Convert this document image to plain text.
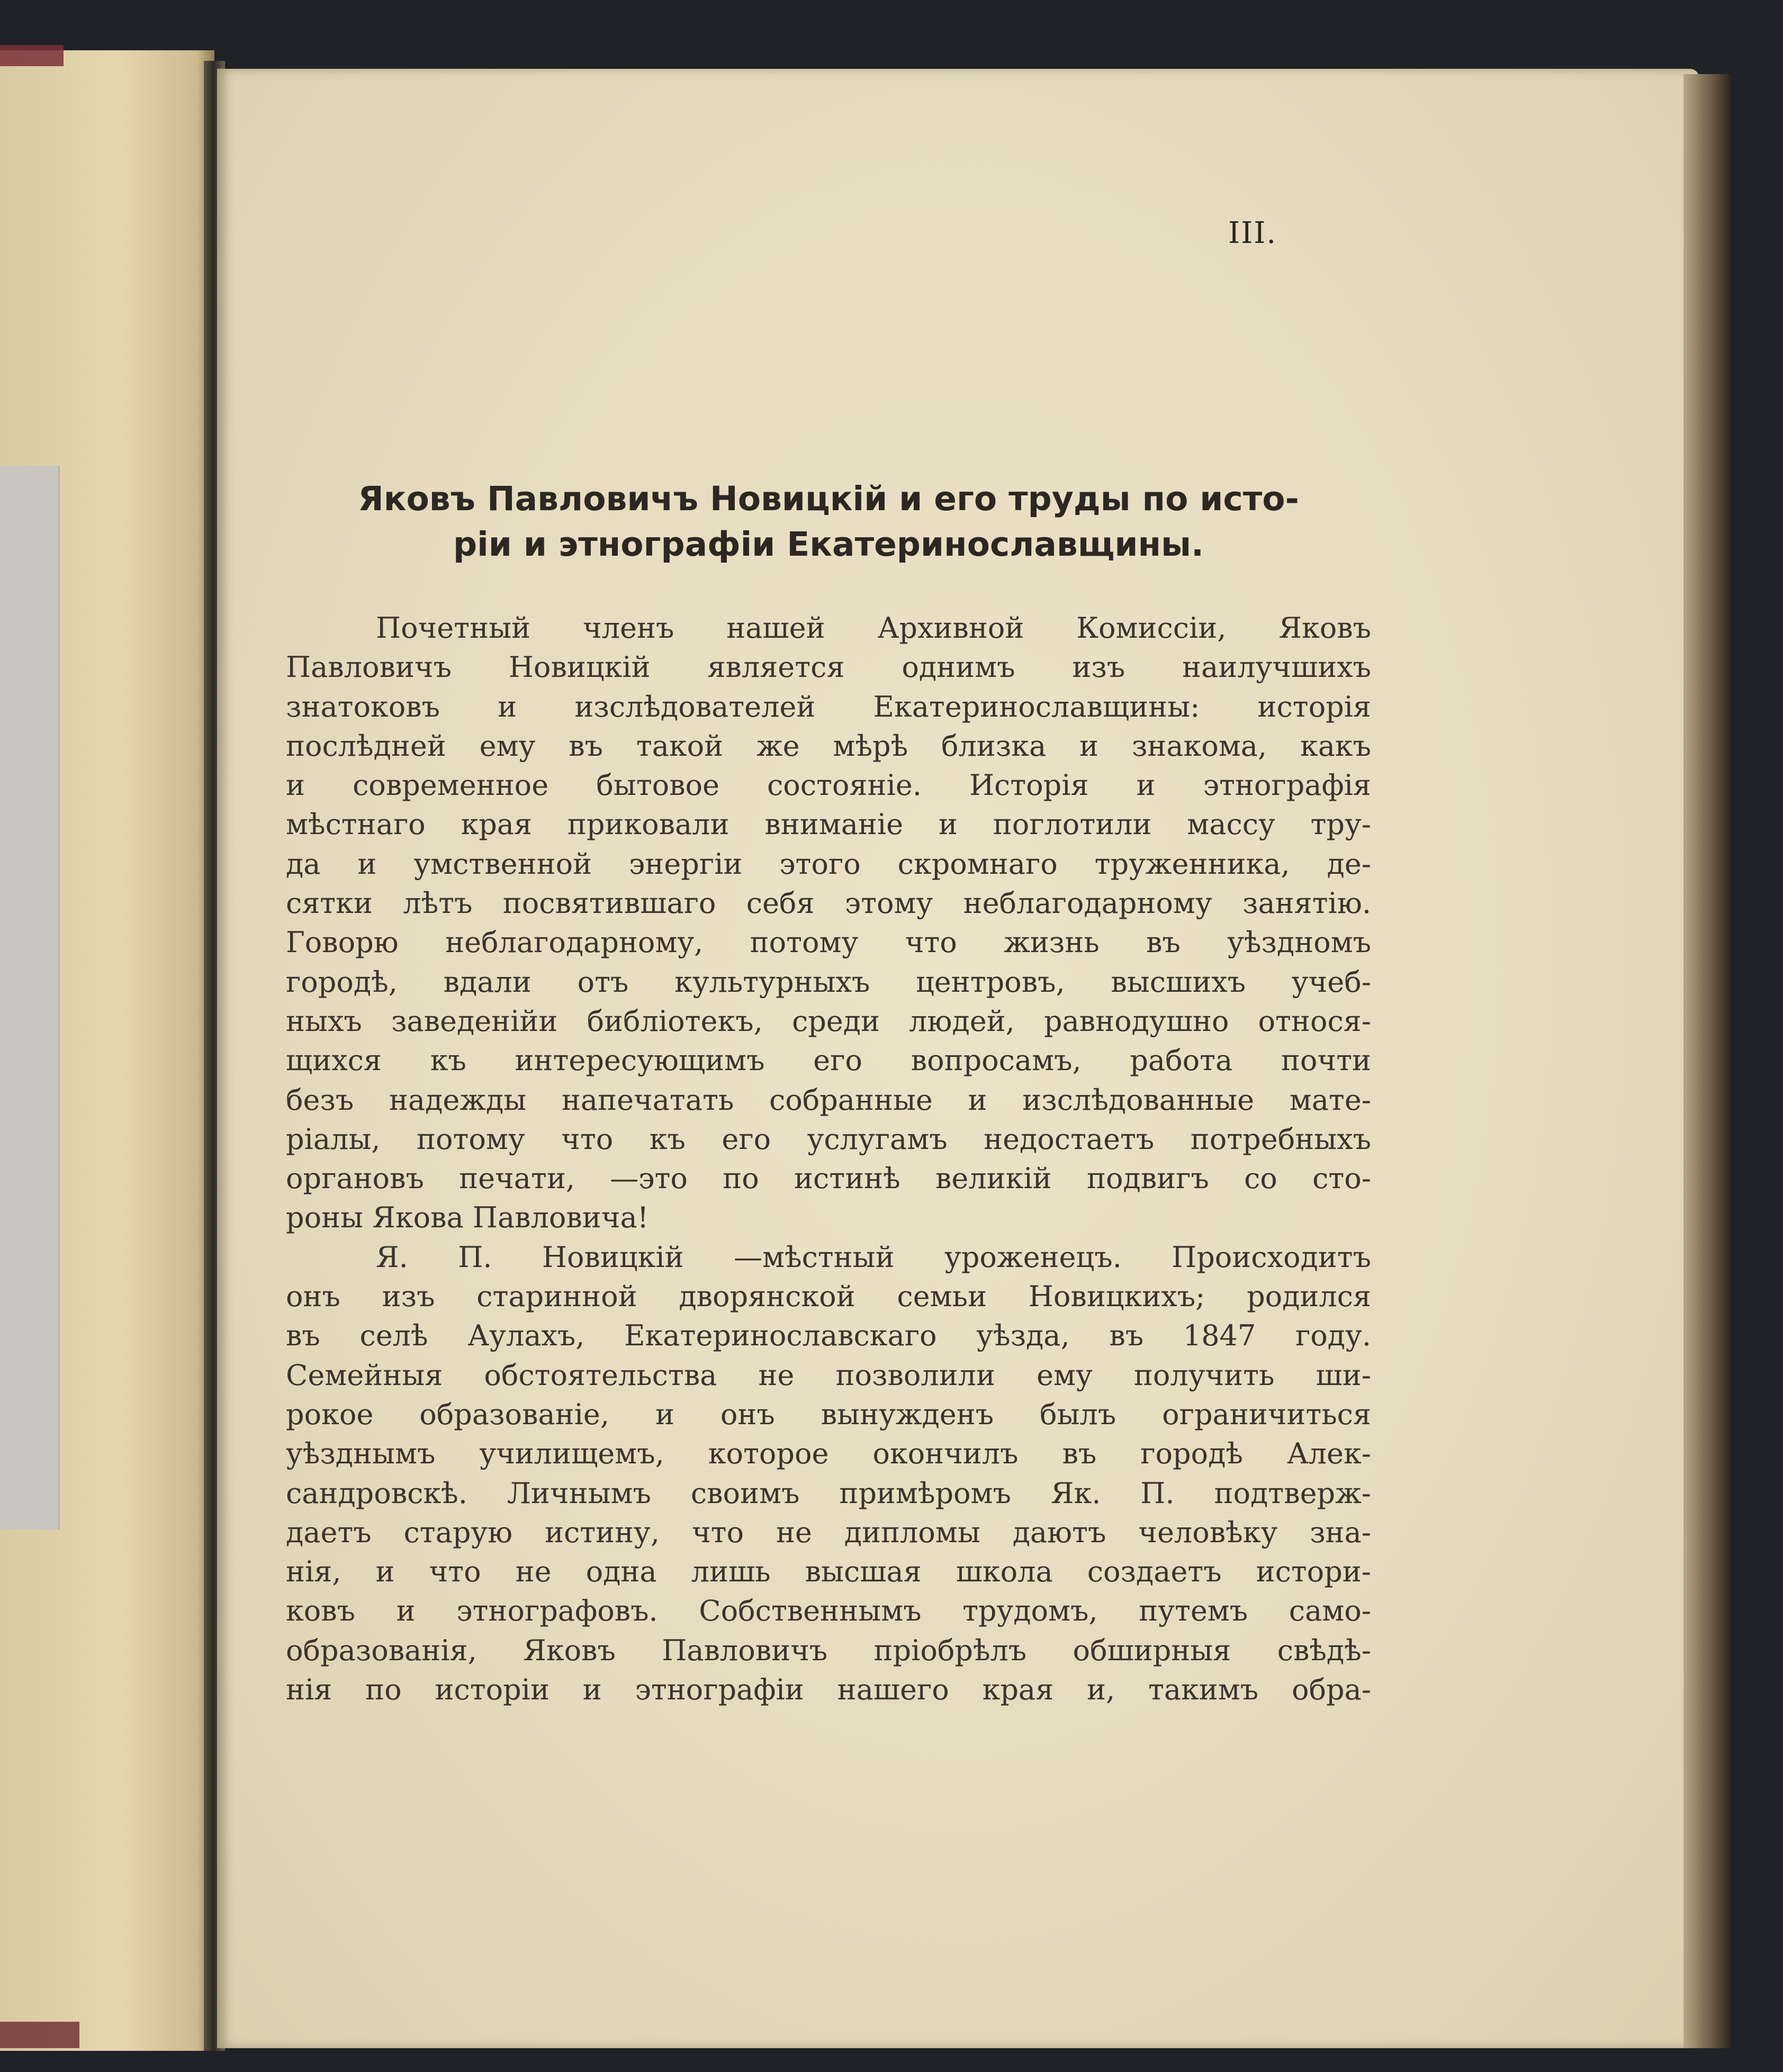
III.
Яковъ Павловичъ Новицкій и его труды по исто-
ріи и этнографіи Екатеринославщины.
Почетный членъ нашей Архивной Комиссіи, Яковъ
Павловичъ Новицкій является однимъ изъ наилучшихъ
знатоковъ и изслѣдователей Екатеринославщины: исторія
послѣдней ему въ такой же мѣрѣ близка и знакома, какъ
и современное бытовое состояніе. Исторія и этнографія
мѣстнаго края приковали вниманіе и поглотили массу тру-
да и умственной энергіи этого скромнаго труженника, де-
сятки лѣтъ посвятившаго себя этому неблагодарному занятію.
Говорю неблагодарному, потому что жизнь въ уѣздномъ
городѣ, вдали отъ культурныхъ центровъ, высшихъ учеб-
ныхъ заведенійи библіотекъ, среди людей, равнодушно относя-
щихся къ интересующимъ его вопросамъ, работа почти
безъ надежды напечатать собранные и изслѣдованные мате-
ріалы, потому что къ его услугамъ недостаетъ потребныхъ
органовъ печати, —это по истинѣ великій подвигъ со сто-
роны Якова Павловича!
Я. П. Новицкій —мѣстный уроженецъ. Происходитъ
онъ изъ старинной дворянской семьи Новицкихъ; родился
въ селѣ Аулахъ, Екатеринославскаго уѣзда, въ 1847 году.
Семейныя обстоятельства не позволили ему получить ши-
рокое образованіе, и онъ вынужденъ былъ ограничиться
уѣзднымъ училищемъ, которое окончилъ въ городѣ Алек-
сандровскѣ. Личнымъ своимъ примѣромъ Як. П. подтверж-
даетъ старую истину, что не дипломы даютъ человѣку зна-
нія, и что не одна лишь высшая школа создаетъ истори-
ковъ и этнографовъ. Собственнымъ трудомъ, путемъ само-
образованія, Яковъ Павловичъ пріобрѣлъ обширныя свѣдѣ-
нія по исторіи и этнографіи нашего края и, такимъ обра-
